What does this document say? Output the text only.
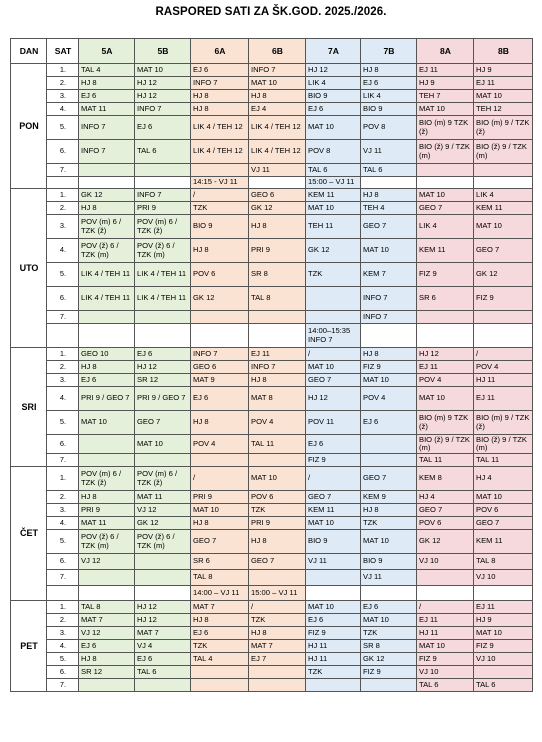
RASPORED SATI ZA ŠK.GOD. 2025./2026.
DAN	SAT	5A	5B	6A	6B	7A	7B	8A	8B
PON	1.	TAL 4	MAT 10	EJ 6	INFO 7	HJ 12	HJ 8	EJ 11	HJ 9
	2.	HJ 8	HJ 12	INFO 7	MAT 10	LIK 4	EJ 6	HJ 9	EJ 11
	3.	EJ 6	HJ 12	HJ 8	HJ 8	BIO 9	LIK 4	TEH 7	MAT 10
	4.	MAT 11	INFO 7	HJ 8	EJ 4	EJ 6	BIO 9	MAT 10	TEH 12
	5.	INFO 7	EJ 6	LIK 4 / TEH 12	LIK 4 / TEH 12	MAT 10	POV 8	BIO (m) 9 TZK (ž)	BIO (m) 9 / TZK (ž)
	6.	INFO 7	TAL 6	LIK 4 / TEH 12	LIK 4 / TEH 12	POV 8	VJ 11	BIO (ž) 9 / TZK (m)	BIO (ž) 9 / TZK (m)
	7.				VJ 11	TAL 6	TAL 6		
				14:15 - VJ 11		15:00 – VJ 11			
UTO	1.	GK 12	INFO 7	/	GEO 6	KEM 11	HJ 8	MAT 10	LIK 4
	2.	HJ 8	PRI 9	TZK	GK 12	MAT 10	TEH 4	GEO 7	KEM 11
	3.	POV (m) 6 / TZK (ž)	POV (m) 6 / TZK (ž)	BIO 9	HJ 8	TEH 11	GEO 7	LIK 4	MAT 10
	4.	POV (ž) 6 / TZK (m)	POV (ž) 6 / TZK (m)	HJ 8	PRI 9	GK 12	MAT 10	KEM 11	GEO 7
	5.	LIK 4 / TEH 11	LIK 4 / TEH 11	POV 6	SR 8	TZK	KEM 7	FIZ 9	GK 12
	6.	LIK 4 / TEH 11	LIK 4 / TEH 11	GK 12	TAL 8		INFO 7	SR 6	FIZ 9
	7.						INFO 7		
						14:00–15:35 INFO 7			
SRI	1.	GEO 10	EJ 6	INFO 7	EJ 11	/	HJ 8	HJ 12	/
	2.	HJ 8	HJ 12	GEO 6	INFO 7	MAT 10	FIZ 9	EJ 11	POV 4
	3.	EJ 6	SR 12	MAT 9	HJ 8	GEO 7	MAT 10	POV 4	HJ 11
	4.	PRI 9 / GEO 7	PRI 9 / GEO 7	EJ 6	MAT 8	HJ 12	POV 4	MAT 10	EJ 11
	5.	MAT 10	GEO 7	HJ 8	POV 4	POV 11	EJ 6	BIO (m) 9 TZK (ž)	BIO (m) 9 / TZK (ž)
	6.		MAT 10	POV 4	TAL 11	EJ 6		BIO (ž) 9 / TZK (m)	BIO (ž) 9 / TZK (m)
	7.					FIZ 9		TAL 11	TAL 11
ČET	1.	POV (m) 6 / TZK (ž)	POV (m) 6 / TZK (ž)	/	MAT 10	/	GEO 7	KEM 8	HJ 4
	2.	HJ 8	MAT 11	PRI 9	POV 6	GEO 7	KEM 9	HJ 4	MAT 10
	3.	PRI 9	VJ 12	MAT 10	TZK	KEM 11	HJ 8	GEO 7	POV 6
	4.	MAT 11	GK 12	HJ 8	PRI 9	MAT 10	TZK	POV 6	GEO 7
	5.	POV (ž) 6 / TZK (m)	POV (ž) 6 / TZK (m)	GEO 7	HJ 8	BIO 9	MAT 10	GK 12	KEM 11
	6.	VJ 12		SR 6	GEO 7	VJ 11	BIO 9	VJ 10	TAL 8
	7.			TAL 8			VJ 11		VJ 10
				14:00 – VJ 11	15:00 – VJ 11				
PET	1.	TAL 8	HJ 12	MAT 7	/	MAT 10	EJ 6	/	EJ 11
	2.	MAT 7	HJ 12	HJ 8	TZK	EJ 6	MAT 10	EJ 11	HJ 9
	3.	VJ 12	MAT 7	EJ 6	HJ 8	FIZ 9	TZK	HJ 11	MAT 10
	4.	EJ 6	VJ 4	TZK	MAT 7	HJ 11	SR 8	MAT 10	FIZ 9
	5.	HJ 8	EJ 6	TAL 4	EJ 7	HJ 11	GK 12	FIZ 9	VJ 10
	6.	SR 12	TAL 6			TZK	FIZ 9	VJ 10	
	7.							TAL 6	TAL 6
